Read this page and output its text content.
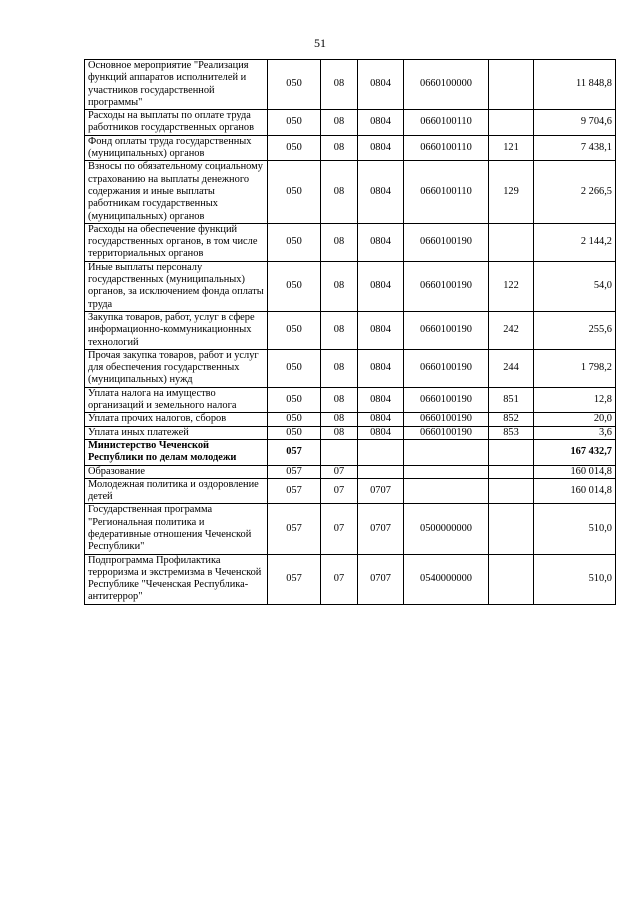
51
Основное мероприятие "Реализация функций аппаратов исполнителей и участников государственной программы"	050	08	0804	0660100000		11 848,8
Расходы на выплаты по оплате труда работников государственных органов	050	08	0804	0660100110		9 704,6
Фонд оплаты труда государственных (муниципальных) органов	050	08	0804	0660100110	121	7 438,1
Взносы по обязательному социальному страхованию на выплаты денежного содержания и иные выплаты работникам государственных (муниципальных) органов	050	08	0804	0660100110	129	2 266,5
Расходы на обеспечение функций государственных органов, в том числе территориальных органов	050	08	0804	0660100190		2 144,2
Иные выплаты персоналу государственных (муниципальных) органов, за исключением фонда оплаты труда	050	08	0804	0660100190	122	54,0
Закупка товаров, работ, услуг в сфере информационно-коммуникационных технологий	050	08	0804	0660100190	242	255,6
Прочая закупка товаров, работ и услуг для обеспечения государственных (муниципальных) нужд	050	08	0804	0660100190	244	1 798,2
Уплата налога на имущество организаций и земельного налога	050	08	0804	0660100190	851	12,8
Уплата прочих налогов, сборов	050	08	0804	0660100190	852	20,0
Уплата иных платежей	050	08	0804	0660100190	853	3,6
Министерство Чеченской Республики по делам молодежи	057					167 432,7
Образование	057	07				160 014,8
Молодежная политика и оздоровление детей	057	07	0707			160 014,8
Государственная программа "Региональная политика и федеративные отношения Чеченской Республики"	057	07	0707	0500000000		510,0
Подпрограмма Профилактика терроризма и экстремизма в Чеченской Республике "Чеченская Республика-антитеррор"	057	07	0707	0540000000		510,0
